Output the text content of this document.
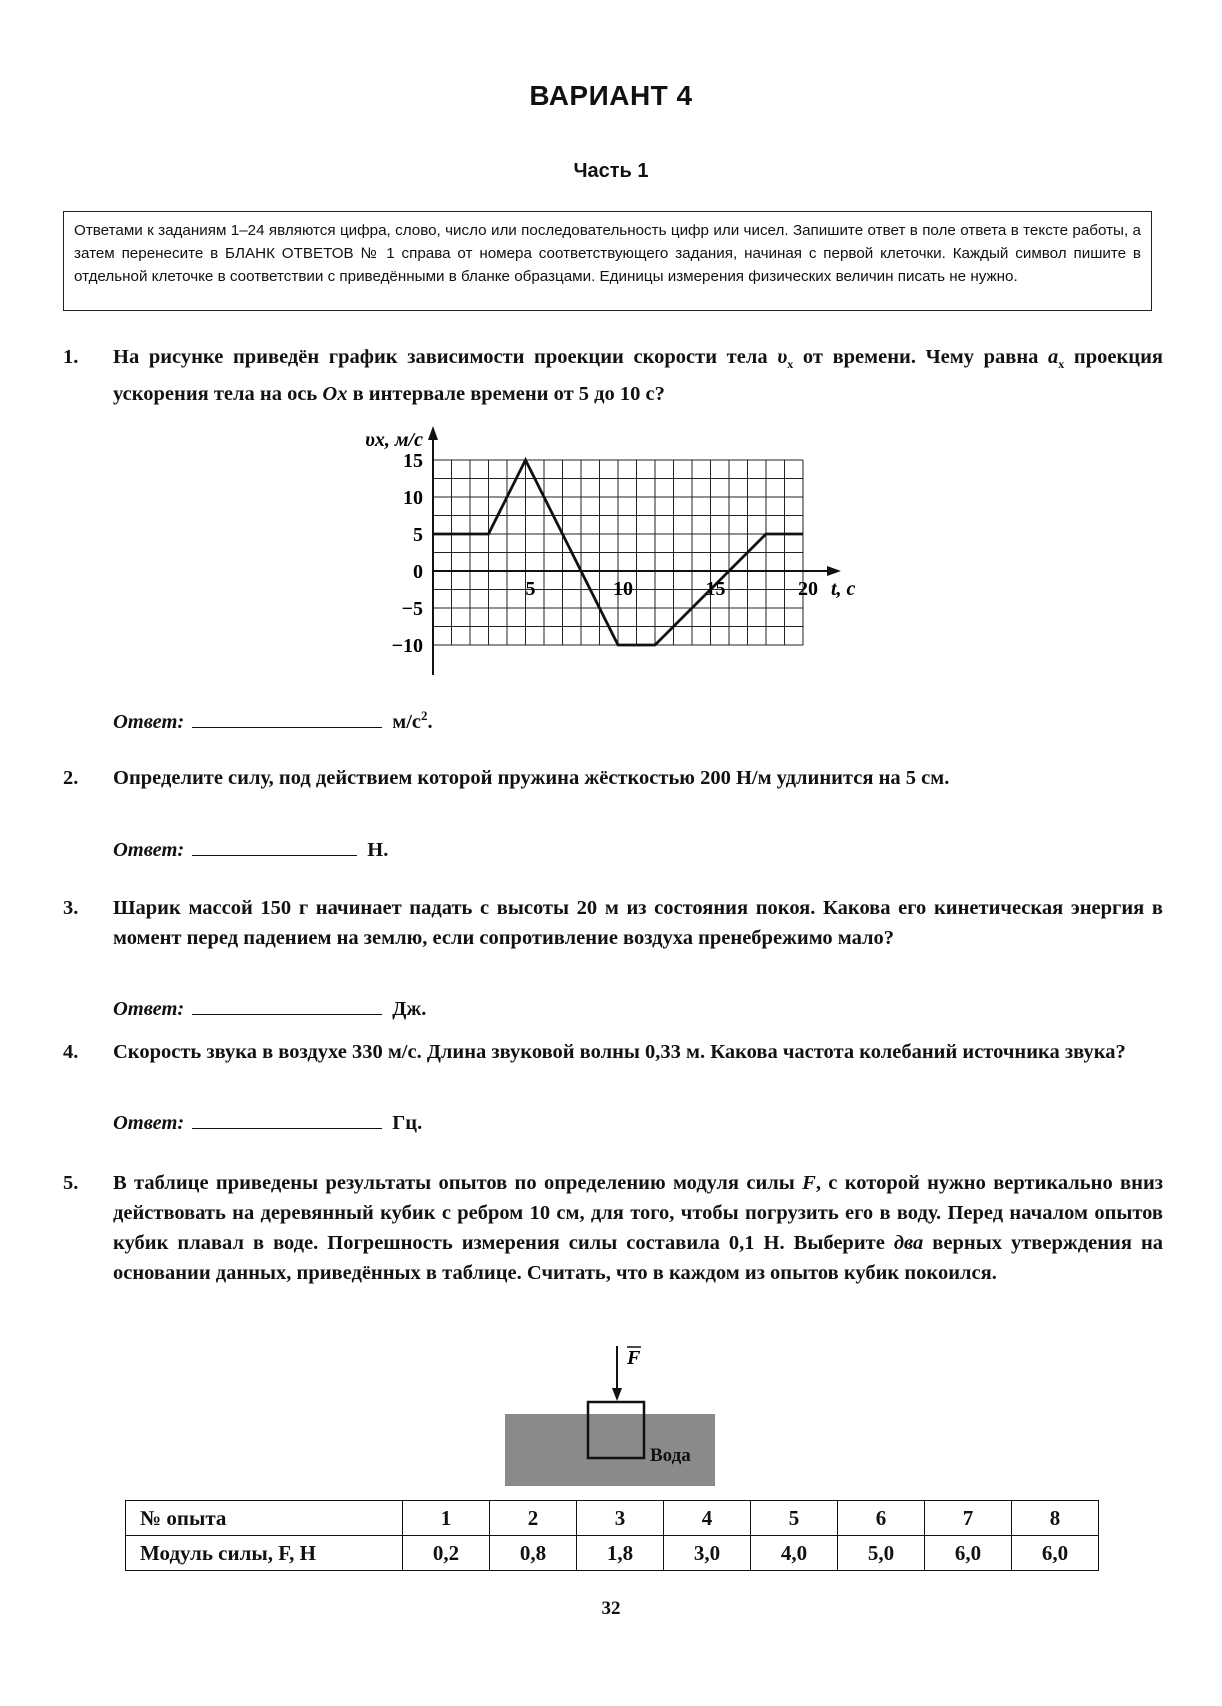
ВАРИАНТ 4
Часть 1
Ответами к заданиям 1–24 являются цифра, слово, число или последовательность цифр или чисел. Запишите ответ в поле ответа в тексте работы, а затем перенесите в БЛАНК ОТВЕТОВ № 1 справа от номера соответствующего задания, начиная с первой клеточки. Каждый символ пишите в отдельной клеточке в соответствии с приведёнными в бланке образцами. Единицы измерения физических величин писать не нужно.
1. На рисунке приведён график зависимости проекции скорости тела $\upsilon_x$ от времени. Чему равна $a_x$ проекция ускорения тела на ось Ox в интервале времени от 5 до 10 с?
15
10
5
0
−5
−10
5	10	15	20
υx, м/с
t, c
Ответ:	$м/с^2$.
2. Определите силу, под действием которой пружина жёсткостью 200 Н/м удлинится на 5 см.
Ответ:	Н.
3. Шарик массой 150 г начинает падать с высоты 20 м из состояния покоя. Какова его кинетическая энергия в момент перед падением на землю, если сопротивление воздуха пренебрежимо мало?
Ответ:	Дж.
4. Скорость звука в воздухе 330 м/с. Длина звуковой волны 0,33 м. Какова частота колебаний источника звука?
Ответ:	Гц.
5. В таблице приведены результаты опытов по определению модуля силы F, с которой нужно вертикально вниз действовать на деревянный кубик с ребром 10 см, для того, чтобы погрузить его в воду. Перед началом опытов кубик плавал в воде. Погрешность измерения силы составила 0,1 Н. Выберите два верных утверждения на основании данных, приведённых в таблице. Считать, что в каждом из опытов кубик покоился.
F
Вода
№ опыта	1	2	3	4	5	6	7	8
Модуль силы, F, Н	0,2	0,8	1,8	3,0	4,0	5,0	6,0	6,0
32
